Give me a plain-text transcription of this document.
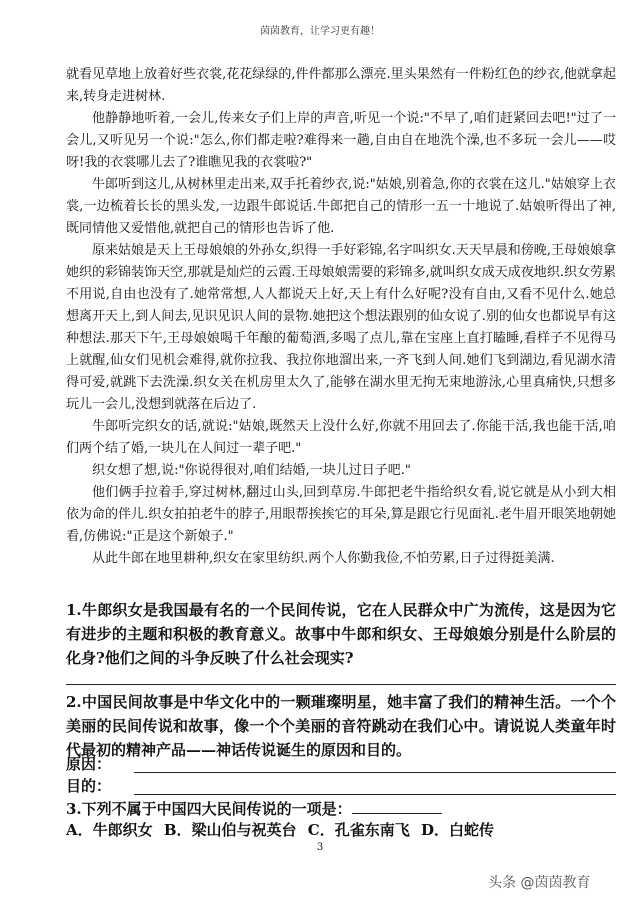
茵茵教育，让学习更有趣！

就看见草地上放着好些衣裳,花花绿绿的,件件都那么漂亮.里头果然有一件粉红色的纱衣,他就拿起来,转身走进树林.

他静静地听着,一会儿,传来女子们上岸的声音,听见一个说:"不早了,咱们赶紧回去吧!"过了一会儿,又听见另一个说:"怎么,你们都走啦?难得来一趟,自由自在地洗个澡,也不多玩一会儿——哎呀!我的衣裳哪儿去了?谁瞧见我的衣裳啦?"

牛郎听到这儿,从树林里走出来,双手托着纱衣,说:"姑娘,别着急,你的衣裳在这儿."姑娘穿上衣裳,一边梳着长长的黑头发,一边跟牛郎说话.牛郎把自己的情形一五一十地说了.姑娘听得出了神,既同情他又爱惜他,就把自己的情形也告诉了他.

原来姑娘是天上王母娘娘的外孙女,织得一手好彩锦,名字叫织女.天天早晨和傍晚,王母娘娘拿她织的彩锦装饰天空,那就是灿烂的云霞.王母娘娘需要的彩锦多,就叫织女成天成夜地织.织女劳累不用说,自由也没有了.她常常想,人人都说天上好,天上有什么好呢?没有自由,又看不见什么.她总想离开天上,到人间去,见识见识人间的景物.她把这个想法跟别的仙女说了.别的仙女也都说早有这种想法.那天下午,王母娘娘喝千年酿的葡萄酒,多喝了点儿,靠在宝座上直打瞌睡,看样子不见得马上就醒,仙女们见机会难得,就你拉我、我拉你地溜出来,一齐飞到人间.她们飞到湖边,看见湖水清得可爱,就跳下去洗澡.织女关在机房里太久了,能够在湖水里无拘无束地游泳,心里真痛快,只想多玩儿一会儿,没想到就落在后边了.

牛郎听完织女的话,就说:"姑娘,既然天上没什么好,你就不用回去了.你能干活,我也能干活,咱们两个结了婚,一块儿在人间过一辈子吧."

织女想了想,说:"你说得很对,咱们结婚,一块儿过日子吧."

他们俩手拉着手,穿过树林,翻过山头,回到草房.牛郎把老牛指给织女看,说它就是从小到大相依为命的伴儿.织女拍拍老牛的脖子,用眼帮挨挨它的耳朵,算是跟它行见面礼.老牛眉开眼笑地朝她看,仿佛说:"正是这个新娘子."

从此牛郎在地里耕种,织女在家里纺织.两个人你勤我俭,不怕劳累,日子过得挺美满.

1.牛郎织女是我国最有名的一个民间传说，它在人民群众中广为流传，这是因为它有进步的主题和积极的教育意义。故事中牛郎和织女、王母娘娘分别是什么阶层的化身?他们之间的斗争反映了什么社会现实?

2.中国民间故事是中华文化中的一颗璀璨明星，她丰富了我们的精神生活。一个个美丽的民间传说和故事，像一个个美丽的音符跳动在我们心中。请说说人类童年时代最初的精神产品——神话传说诞生的原因和目的。

原因：
目的：

3.下列不属于中国四大民间传说的一项是：

A．牛郎织女 B．梁山伯与祝英台 C．孔雀东南飞 D．白蛇传
3
头条 @茵茵教育
